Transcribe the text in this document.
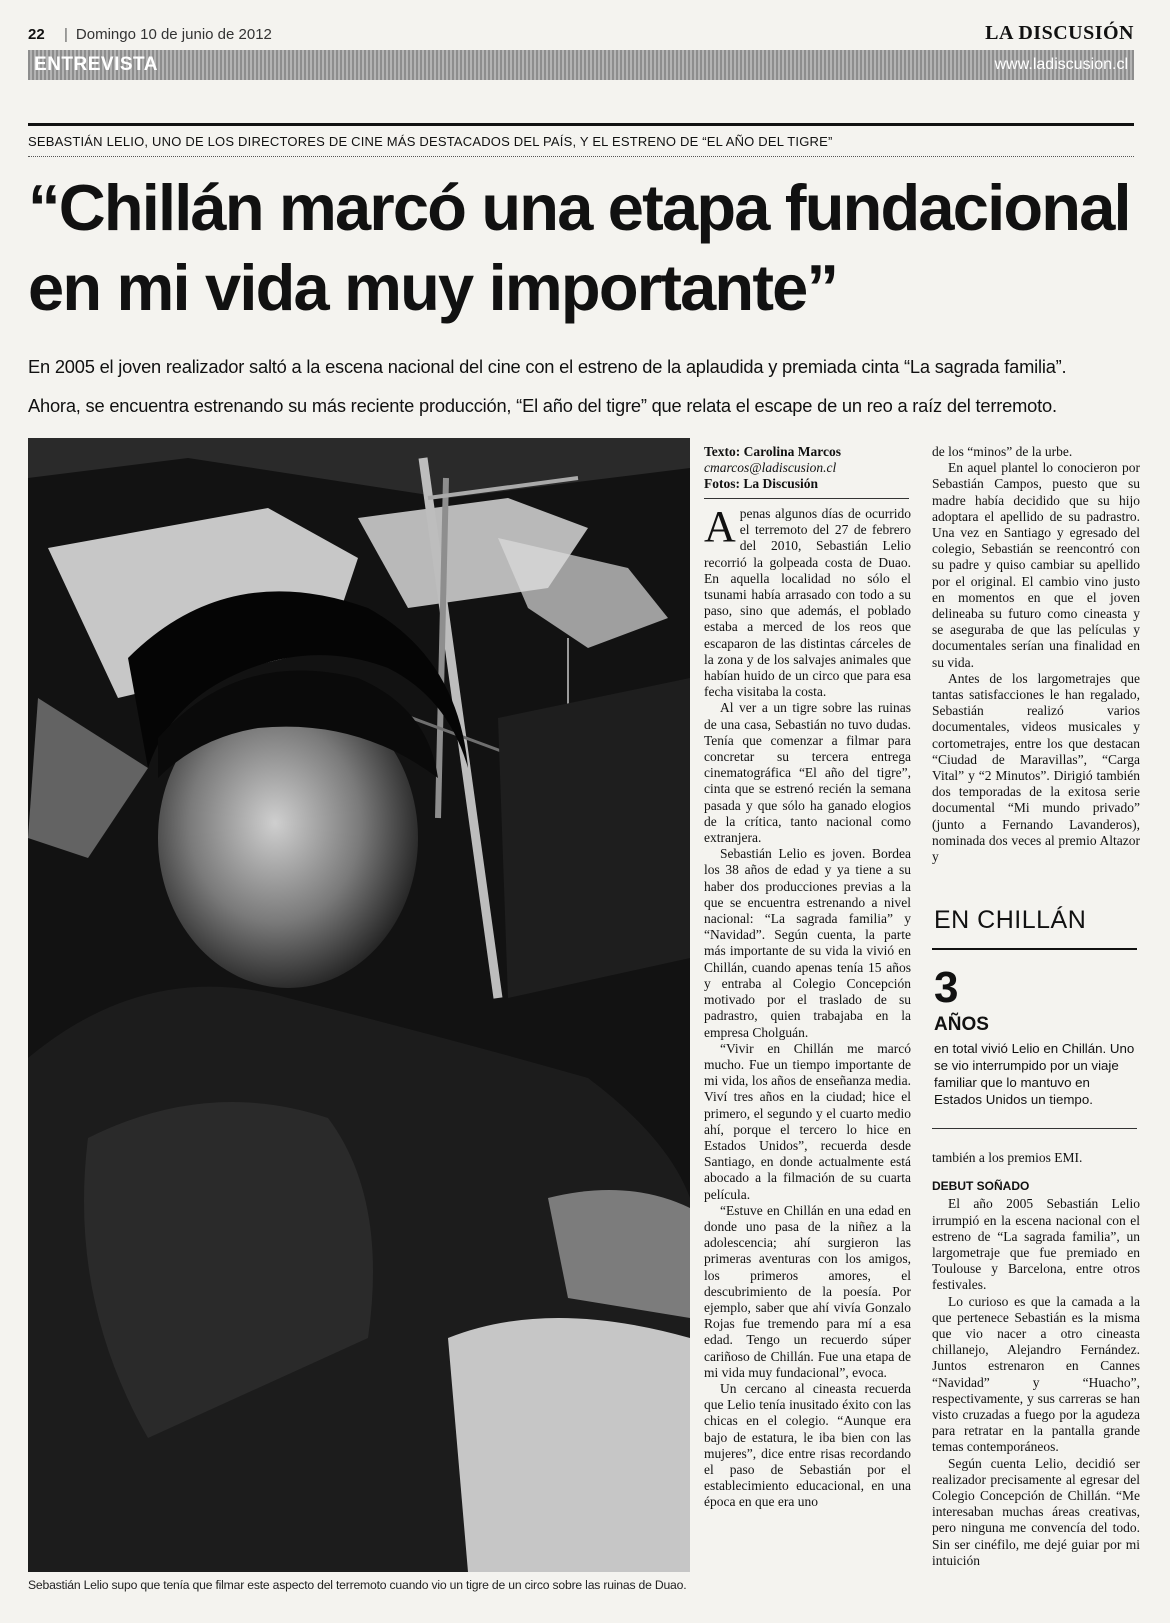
22 | Domingo 10 de junio de 2012	LA DISCUSIÓN
ENTREVISTA	www.ladiscusion.cl
SEBASTIÁN LELIO, UNO DE LOS DIRECTORES DE CINE MÁS DESTACADOS DEL PAÍS, Y EL ESTRENO DE “EL AÑO DEL TIGRE”
“Chillán marcó una etapa fundacional
en mi vida muy importante”
En 2005 el joven realizador saltó a la escena nacional del cine con el estreno de la aplaudida y premiada cinta “La sagrada familia”.
Ahora, se encuentra estrenando su más reciente producción, “El año del tigre” que relata el escape de un reo a raíz del terremoto.
Sebastián Lelio supo que tenía que filmar este aspecto del terremoto cuando vio un tigre de un circo sobre las ruinas de Duao.
Texto: Carolina Marcos
cmarcos@ladiscusion.cl
Fotos: La Discusión

Apenas algunos días de ocurrido el terremoto del 27 de febrero del 2010, Sebastián Lelio recorrió la golpeada costa de Duao. En aquella localidad no sólo el tsunami había arrasado con todo a su paso, sino que además, el poblado estaba a merced de los reos que escaparon de las distintas cárceles de la zona y de los salvajes animales que habían huido de un circo que para esa fecha visitaba la costa.

Al ver a un tigre sobre las ruinas de una casa, Sebastián no tuvo dudas. Tenía que comenzar a filmar para concretar su tercera entrega cinematográfica “El año del tigre”, cinta que se estrenó recién la semana pasada y que sólo ha ganado elogios de la crítica, tanto nacional como extranjera.

Sebastián Lelio es joven. Bordea los 38 años de edad y ya tiene a su haber dos producciones previas a la que se encuentra estrenando a nivel nacional: “La sagrada familia” y “Navidad”. Según cuenta, la parte más importante de su vida la vivió en Chillán, cuando apenas tenía 15 años y entraba al Colegio Concepción motivado por el traslado de su padrastro, quien trabajaba en la empresa Cholguán.

“Vivir en Chillán me marcó mucho. Fue un tiempo importante de mi vida, los años de enseñanza media. Viví tres años en la ciudad; hice el primero, el segundo y el cuarto medio ahí, porque el tercero lo hice en Estados Unidos”, recuerda desde Santiago, en donde actualmente está abocado a la filmación de su cuarta película.

“Estuve en Chillán en una edad en donde uno pasa de la niñez a la adolescencia; ahí surgieron las primeras aventuras con los amigos, los primeros amores, el descubrimiento de la poesía. Por ejemplo, saber que ahí vivía Gonzalo Rojas fue tremendo para mí a esa edad. Tengo un recuerdo súper cariñoso de Chillán. Fue una etapa de mi vida muy fundacional”, evoca.

Un cercano al cineasta recuerda que Lelio tenía inusitado éxito con las chicas en el colegio. “Aunque era bajo de estatura, le iba bien con las mujeres”, dice entre risas recordando el paso de Sebastián por el establecimiento educacional, en una época en que era uno

de los “minos” de la urbe.

En aquel plantel lo conocieron por Sebastián Campos, puesto que su madre había decidido que su hijo adoptara el apellido de su padrastro. Una vez en Santiago y egresado del colegio, Sebastián se reencontró con su padre y quiso cambiar su apellido por el original. El cambio vino justo en momentos en que el joven delineaba su futuro como cineasta y se aseguraba de que las películas y documentales serían una finalidad en su vida.

Antes de los largometrajes que tantas satisfacciones le han regalado, Sebastián realizó varios documentales, videos musicales y cortometrajes, entre los que destacan “Ciudad de Maravillas”, “Carga Vital” y “2 Minutos”. Dirigió también dos temporadas de la exitosa serie documental “Mi mundo privado” (junto a Fernando Lavanderos), nominada dos veces al premio Altazor y

EN CHILLÁN
3
AÑOS
en total vivió Lelio en Chillán. Uno se vio interrumpido por un viaje familiar que lo mantuvo en Estados Unidos un tiempo.

también a los premios EMI.

DEBUT SOÑADO

El año 2005 Sebastián Lelio irrumpió en la escena nacional con el estreno de “La sagrada familia”, un largometraje que fue premiado en Toulouse y Barcelona, entre otros festivales.

Lo curioso es que la camada a la que pertenece Sebastián es la misma que vio nacer a otro cineasta chillanejo, Alejandro Fernández. Juntos estrenaron en Cannes “Navidad” y “Huacho”, respectivamente, y sus carreras se han visto cruzadas a fuego por la agudeza para retratar en la pantalla grande temas contemporáneos.

Según cuenta Lelio, decidió ser realizador precisamente al egresar del Colegio Concepción de Chillán. “Me interesaban muchas áreas creativas, pero ninguna me convencía del todo. Sin ser cinéfilo, me dejé guiar por mi intuición
